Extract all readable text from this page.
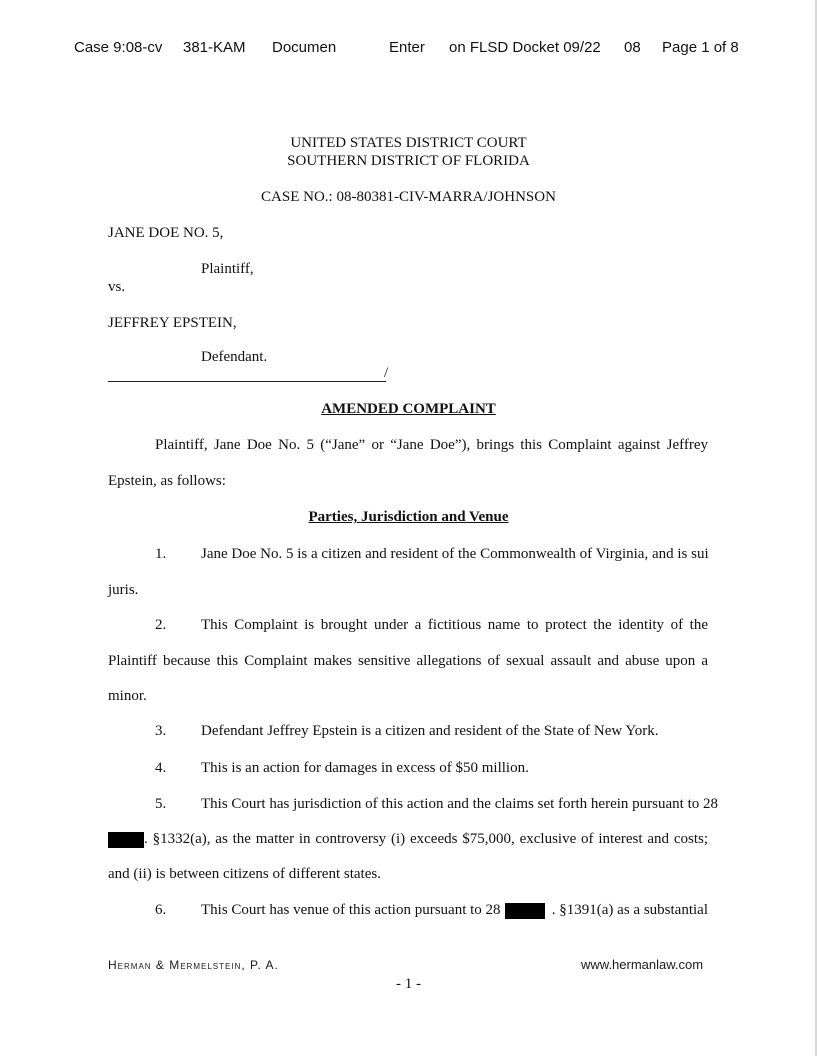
Case 9:08-cv 381-KAM Documen	Enter on FLSD Docket 09/22 08 Page 1 of 8
UNITED STATES DISTRICT COURT
SOUTHERN DISTRICT OF FLORIDA
CASE NO.: 08-80381-CIV-MARRA/JOHNSON
JANE DOE NO. 5,
Plaintiff,
vs.
JEFFREY EPSTEIN,
Defendant.
/
AMENDED COMPLAINT
Plaintiff, Jane Doe No. 5 (“Jane” or “Jane Doe”), brings this Complaint against Jeffrey
Epstein, as follows:
Parties, Jurisdiction and Venue
1. Jane Doe No. 5 is a citizen and resident of the Commonwealth of Virginia, and is sui
juris.
2. This Complaint is brought under a fictitious name to protect the identity of the
Plaintiff because this Complaint makes sensitive allegations of sexual assault and abuse upon a
minor.
3. Defendant Jeffrey Epstein is a citizen and resident of the State of New York.
4. This is an action for damages in excess of $50 million.
5. This Court has jurisdiction of this action and the claims set forth herein pursuant to 28
. §1332(a), as the matter in controversy (i) exceeds $75,000, exclusive of interest and costs;
and (ii) is between citizens of different states.
6. This Court has venue of this action pursuant to 28	. §1391(a) as a substantial
Herman & Mermelstein, P. A.
- 1 -
www.hermanlaw.com
